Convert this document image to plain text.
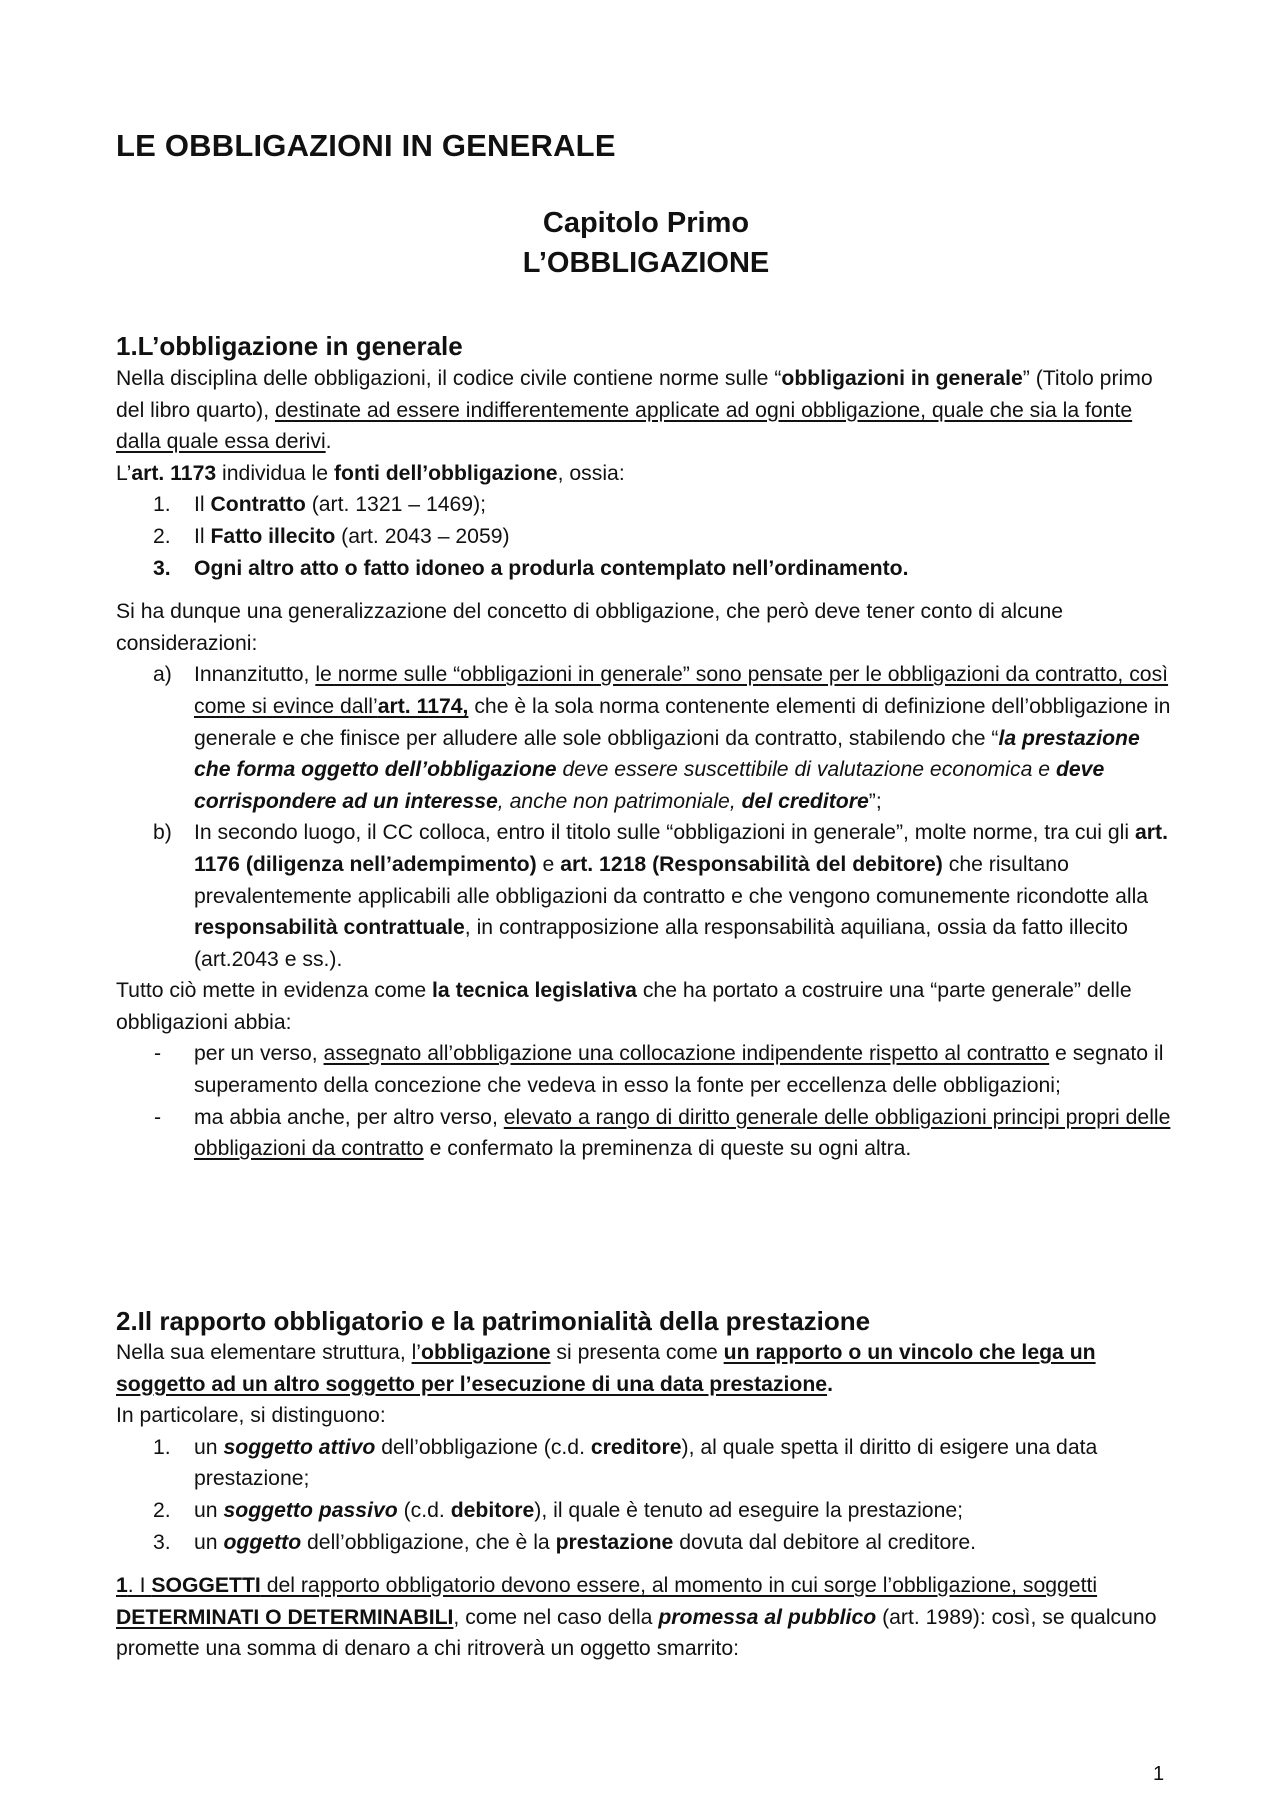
LE OBBLIGAZIONI IN GENERALE
Capitolo Primo
L’OBBLIGAZIONE
1.L’obbligazione in generale

Nella disciplina delle obbligazioni, il codice civile contiene norme sulle “obbligazioni in generale” (Titolo primo del libro quarto), destinate ad essere indifferentemente applicate ad ogni obbligazione, quale che sia la fonte dalla quale essa derivi.

L’art. 1173 individua le fonti dell’obbligazione, ossia:

1. Il Contratto (art. 1321 – 1469);
2. Il Fatto illecito (art. 2043 – 2059)
3. Ogni altro atto o fatto idoneo a produrla contemplato nell’ordinamento.

Si ha dunque una generalizzazione del concetto di obbligazione, che però deve tener conto di alcune considerazioni:

a) Innanzitutto, le norme sulle “obbligazioni in generale” sono pensate per le obbligazioni da contratto, così come si evince dall’art. 1174, che è la sola norma contenente elementi di definizione dell’obbligazione in generale e che finisce per alludere alle sole obbligazioni da contratto, stabilendo che “la prestazione che forma oggetto dell’obbligazione deve essere suscettibile di valutazione economica e deve corrispondere ad un interesse, anche non patrimoniale, del creditore”;
b) In secondo luogo, il CC colloca, entro il titolo sulle “obbligazioni in generale”, molte norme, tra cui gli art. 1176 (diligenza nell’adempimento) e art. 1218 (Responsabilità del debitore) che risultano prevalentemente applicabili alle obbligazioni da contratto e che vengono comunemente ricondotte alla responsabilità contrattuale, in contrapposizione alla responsabilità aquiliana, ossia da fatto illecito (art.2043 e ss.).

Tutto ciò mette in evidenza come la tecnica legislativa che ha portato a costruire una “parte generale” delle obbligazioni abbia:

- per un verso, assegnato all’obbligazione una collocazione indipendente rispetto al contratto e segnato il superamento della concezione che vedeva in esso la fonte per eccellenza delle obbligazioni;
- ma abbia anche, per altro verso, elevato a rango di diritto generale delle obbligazioni principi propri delle obbligazioni da contratto e confermato la preminenza di queste su ogni altra.
2.Il rapporto obbligatorio e la patrimonialità della prestazione

Nella sua elementare struttura, l’obbligazione si presenta come un rapporto o un vincolo che lega un soggetto ad un altro soggetto per l’esecuzione di una data prestazione.

In particolare, si distinguono:

1. un soggetto attivo dell’obbligazione (c.d. creditore), al quale spetta il diritto di esigere una data prestazione;
2. un soggetto passivo (c.d. debitore), il quale è tenuto ad eseguire la prestazione;
3. un oggetto dell’obbligazione, che è la prestazione dovuta dal debitore al creditore.

1. I SOGGETTI del rapporto obbligatorio devono essere, al momento in cui sorge l’obbligazione, soggetti DETERMINATI O DETERMINABILI, come nel caso della promessa al pubblico (art. 1989): così, se qualcuno promette una somma di denaro a chi ritroverà un oggetto smarrito:

1
